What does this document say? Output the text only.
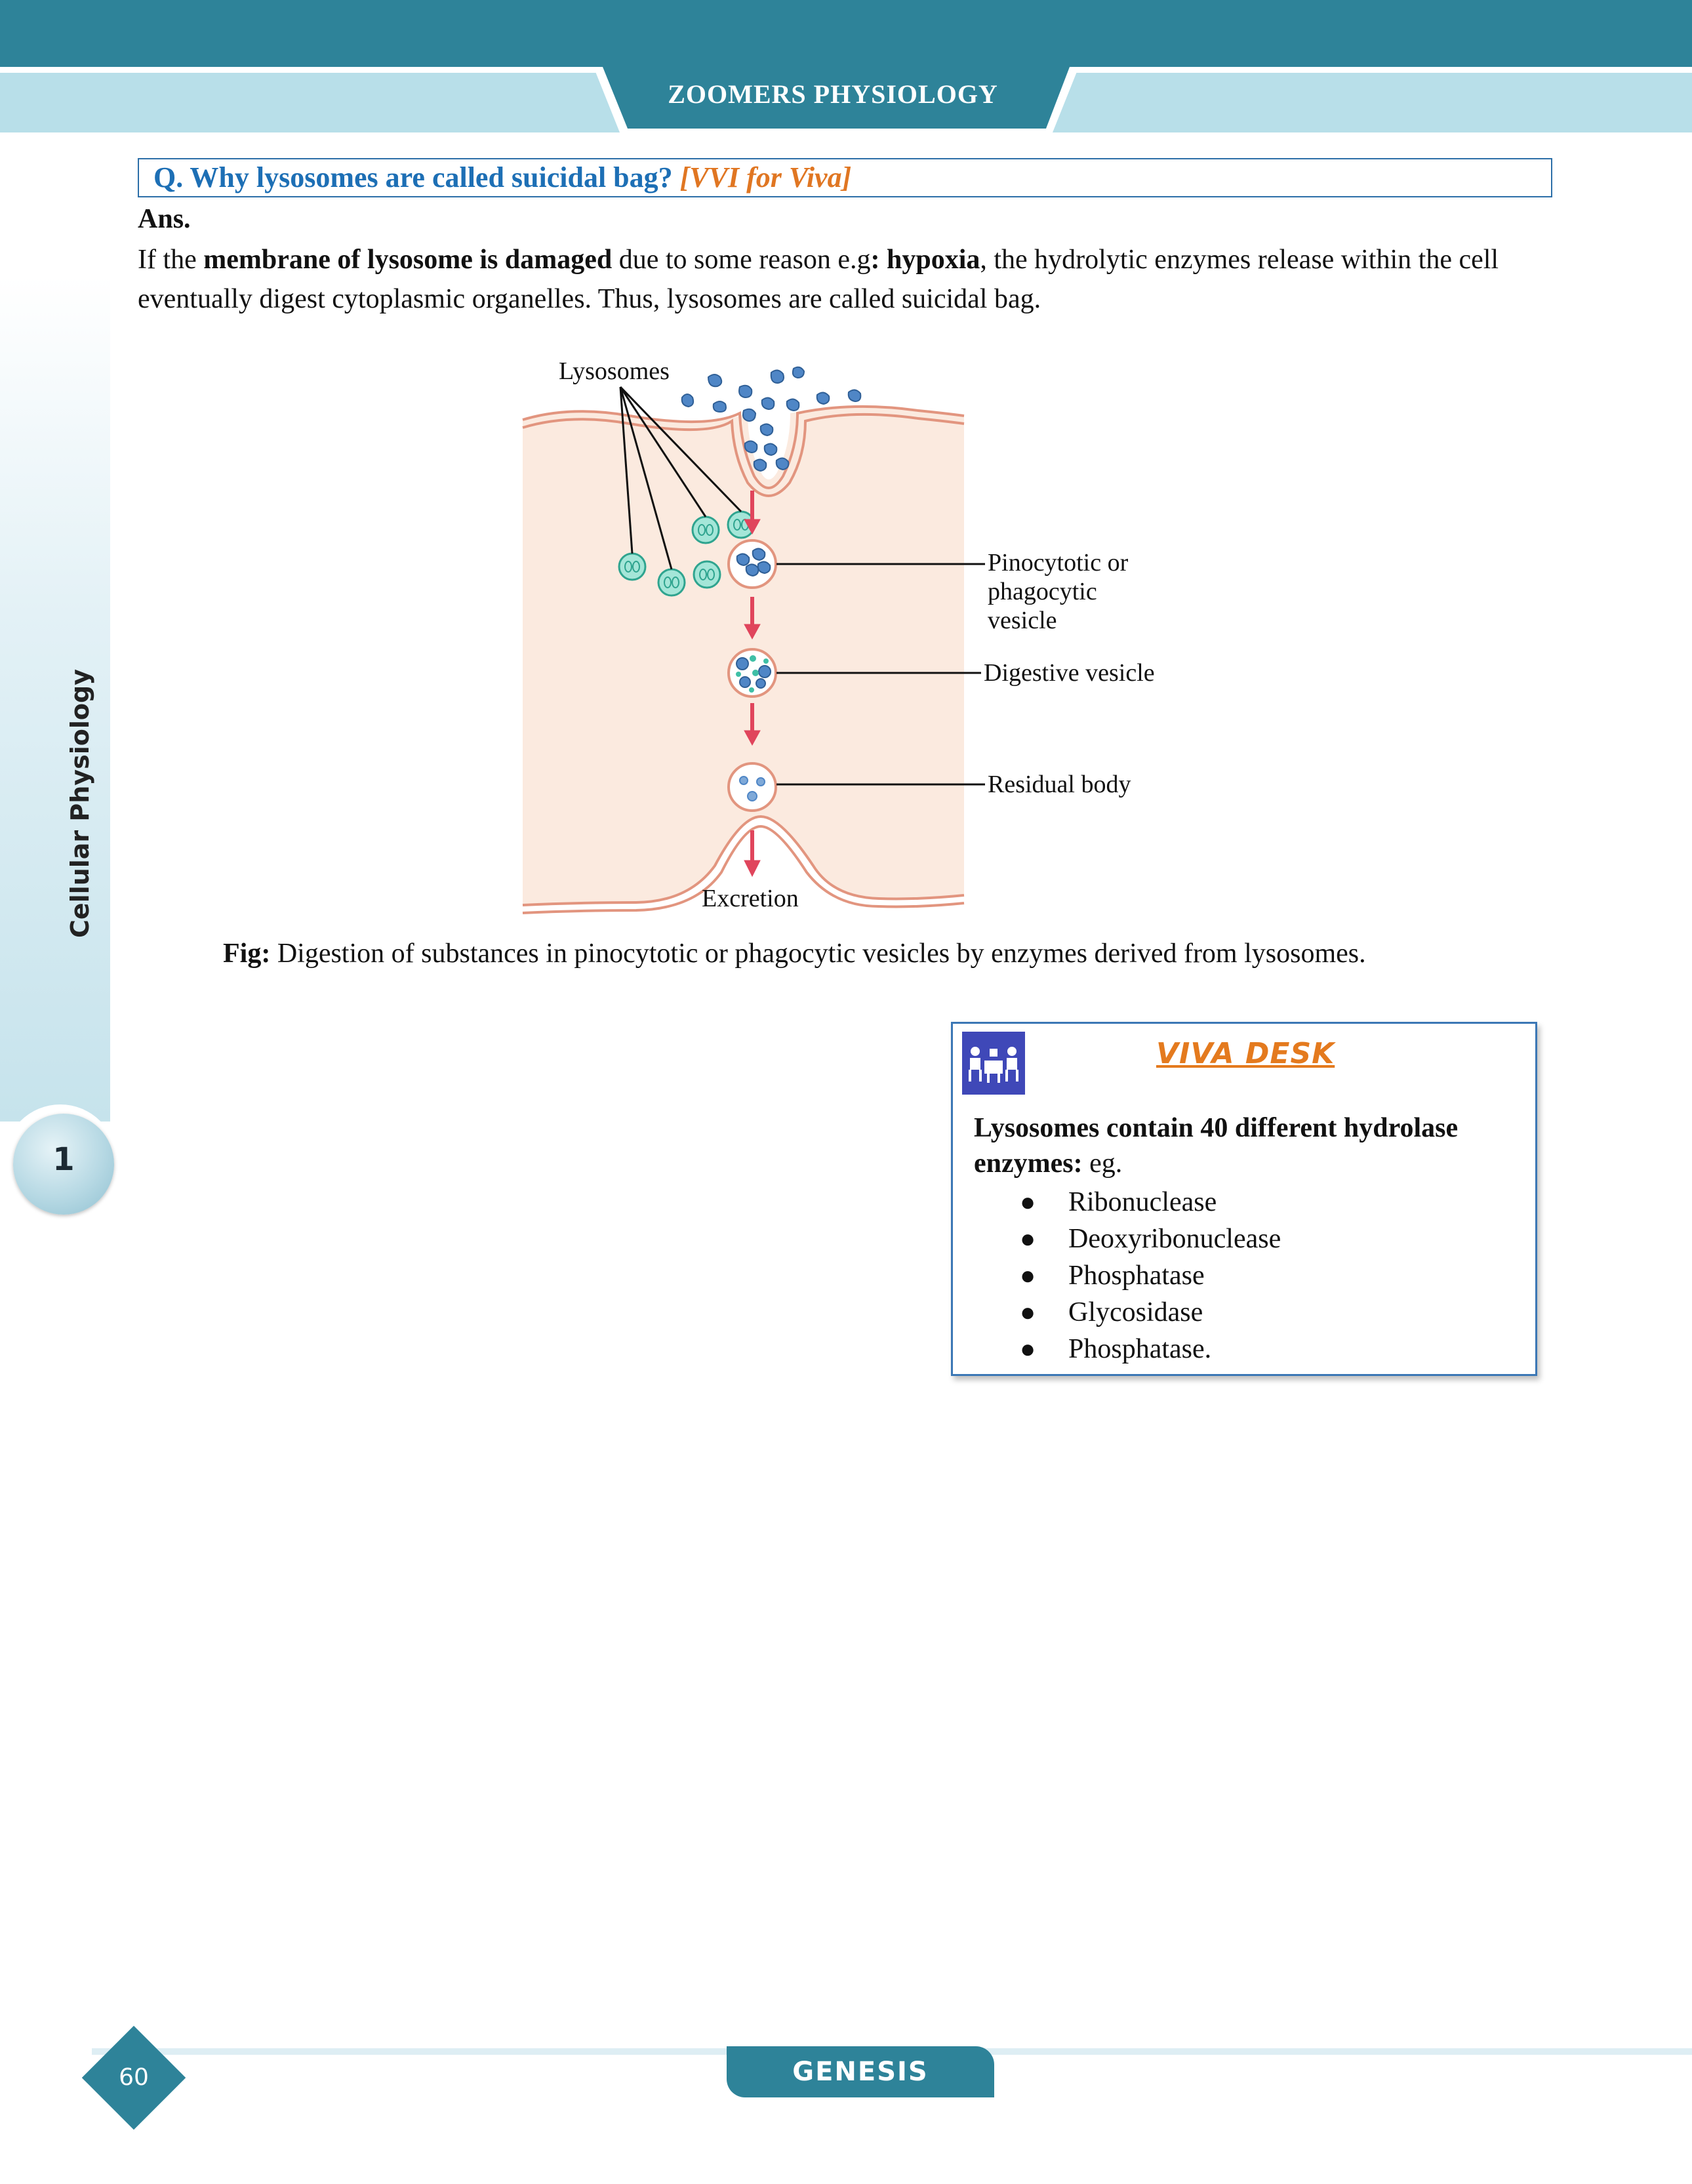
ZOOMERS PHYSIOLOGY
Cellular Physiology
1
Q. Why lysosomes are called suicidal bag? [VVI for Viva]
Ans.
If the membrane of lysosome is damaged due to some reason e.g: hypoxia, the hydrolytic enzymes release within the cell eventually digest cytoplasmic organelles. Thus, lysosomes are called suicidal bag.
Lysosomes
Pinocytotic or
phagocytic
vesicle
Digestive vesicle
Residual body
Excretion
Fig: Digestion of substances in pinocytotic or phagocytic vesicles by enzymes derived from lysosomes.
VIVA DESK
Lysosomes contain 40 different hydrolase enzymes: eg.
● Ribonuclease
● Deoxyribonuclease
● Phosphatase
● Glycosidase
● Phosphatase.
GENESIS
60
